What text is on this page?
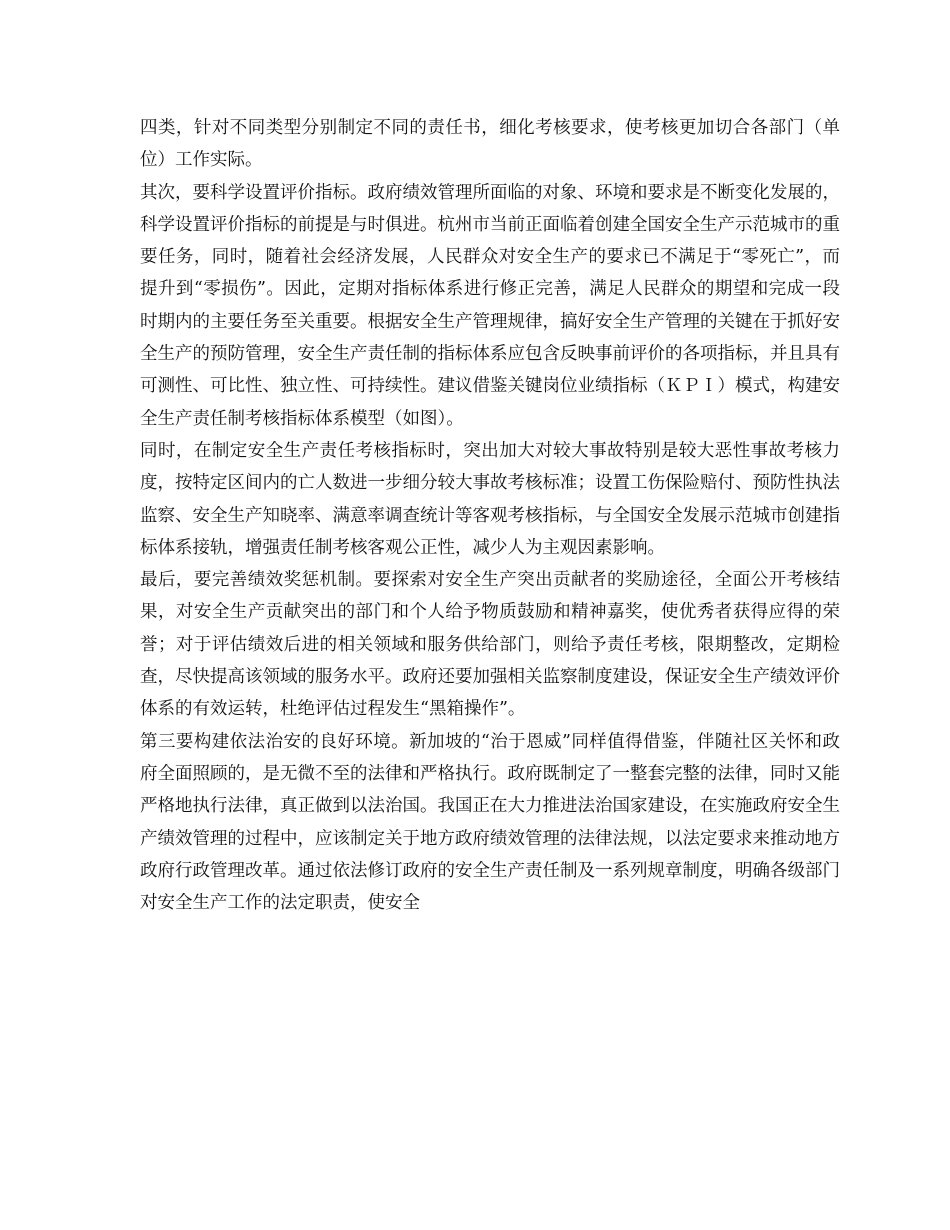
四类，针对不同类型分别制定不同的责任书，细化考核要求，使考核更加切合各部门（单位）工作实际。

其次，要科学设置评价指标。政府绩效管理所面临的对象、环境和要求是不断变化发展的，科学设置评价指标的前提是与时俱进。杭州市当前正面临着创建全国安全生产示范城市的重要任务，同时，随着社会经济发展，人民群众对安全生产的要求已不满足于“零死亡”，而提升到“零损伤”。因此，定期对指标体系进行修正完善，满足人民群众的期望和完成一段时期内的主要任务至关重要。根据安全生产管理规律，搞好安全生产管理的关键在于抓好安全生产的预防管理，安全生产责任制的指标体系应包含反映事前评价的各项指标，并且具有可测性、可比性、独立性、可持续性。建议借鉴关键岗位业绩指标（ＫＰＩ）模式，构建安全生产责任制考核指标体系模型（如图）。

同时，在制定安全生产责任考核指标时，突出加大对较大事故特别是较大恶性事故考核力度，按特定区间内的亡人数进一步细分较大事故考核标准；设置工伤保险赔付、预防性执法监察、安全生产知晓率、满意率调查统计等客观考核指标，与全国安全发展示范城市创建指标体系接轨，增强责任制考核客观公正性，减少人为主观因素影响。

最后，要完善绩效奖惩机制。要探索对安全生产突出贡献者的奖励途径，全面公开考核结果，对安全生产贡献突出的部门和个人给予物质鼓励和精神嘉奖，使优秀者获得应得的荣誉；对于评估绩效后进的相关领域和服务供给部门，则给予责任考核，限期整改，定期检查，尽快提高该领域的服务水平。政府还要加强相关监察制度建设，保证安全生产绩效评价体系的有效运转，杜绝评估过程发生“黑箱操作”。

第三要构建依法治安的良好环境。新加坡的“治于恩威”同样值得借鉴，伴随社区关怀和政府全面照顾的，是无微不至的法律和严格执行。政府既制定了一整套完整的法律，同时又能严格地执行法律，真正做到以法治国。我国正在大力推进法治国家建设，在实施政府安全生产绩效管理的过程中，应该制定关于地方政府绩效管理的法律法规，以法定要求来推动地方政府行政管理改革。通过依法修订政府的安全生产责任制及一系列规章制度，明确各级部门对安全生产工作的法定职责，使安全
